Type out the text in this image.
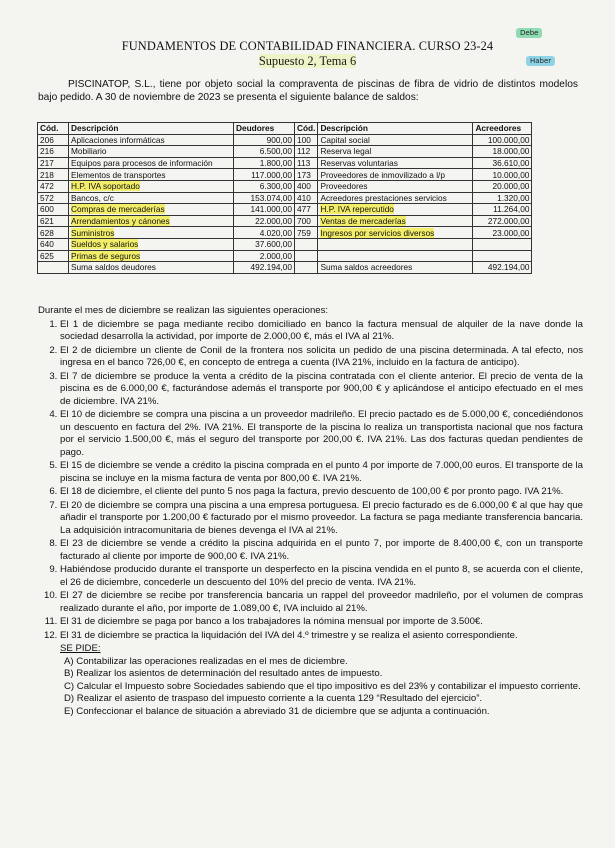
Debe
Haber
FUNDAMENTOS DE CONTABILIDAD FINANCIERA. CURSO 23-24
Supuesto 2, Tema 6

PISCINATOP, S.L., tiene por objeto social la compraventa de piscinas de fibra de vidrio de distintos modelos bajo pedido. A 30 de noviembre de 2023 se presenta el siguiente balance de saldos:

Cód.	Descripción	Deudores	Cód.	Descripción	Acreedores
206	Aplicaciones informáticas	900,00	100	Capital social	100.000,00
216	Mobiliario	6.500,00	112	Reserva legal	18.000,00
217	Equipos para procesos de información	1.800,00	113	Reservas voluntarias	36.610,00
218	Elementos de transportes	117.000,00	173	Proveedores de inmovilizado a l/p	10.000,00
472	H.P. IVA soportado	6.300,00	400	Proveedores	20.000,00
572	Bancos, c/c	153.074,00	410	Acreedores prestaciones servicios	1.320,00
600	Compras de mercaderías	141.000,00	477	H.P. IVA repercutido	11.264,00
621	Arrendamientos y cánones	22.000,00	700	Ventas de mercaderías	272.000,00
628	Suministros	4.020,00	759	Ingresos por servicios diversos	23.000,00
640	Sueldos y salarios	37.600,00			
625	Primas de seguros	2.000,00			
	Suma saldos deudores	492.194,00		Suma saldos acreedores	492.194,00

Durante el mes de diciembre se realizan las siguientes operaciones:

1. El 1 de diciembre se paga mediante recibo domiciliado en banco la factura mensual de alquiler de la nave donde la sociedad desarrolla la actividad, por importe de 2.000,00 €, más el IVA al 21%.
2. El 2 de diciembre un cliente de Conil de la frontera nos solicita un pedido de una piscina determinada. A tal efecto, nos ingresa en el banco 726,00 €, en concepto de entrega a cuenta (IVA 21%, incluido en la factura de anticipo).
3. El 7 de diciembre se produce la venta a crédito de la piscina contratada con el cliente anterior. El precio de venta de la piscina es de 6.000,00 €, facturándose además el transporte por 900,00 € y aplicándose el anticipo efectuado en el mes de diciembre. IVA 21%.
4. El 10 de diciembre se compra una piscina a un proveedor madrileño. El precio pactado es de 5.000,00 €, concediéndonos un descuento en factura del 2%. IVA 21%. El transporte de la piscina lo realiza un transportista nacional que nos factura por el servicio 1.500,00 €, más el seguro del transporte por 200,00 €. IVA 21%. Las dos facturas quedan pendientes de pago.
5. El 15 de diciembre se vende a crédito la piscina comprada en el punto 4 por importe de 7.000,00 euros. El transporte de la piscina se incluye en la misma factura de venta por 800,00 €. IVA 21%.
6. El 18 de diciembre, el cliente del punto 5 nos paga la factura, previo descuento de 100,00 € por pronto pago. IVA 21%.
7. El 20 de diciembre se compra una piscina a una empresa portuguesa. El precio facturado es de 6.000,00 € al que hay que añadir el transporte por 1.200,00 € facturado por el mismo proveedor. La factura se paga mediante transferencia bancaria. La adquisición intracomunitaria de bienes devenga el IVA al 21%.
8. El 23 de diciembre se vende a crédito la piscina adquirida en el punto 7, por importe de 8.400,00 €, con un transporte facturado al cliente por importe de 900,00 €. IVA 21%.
9. Habiéndose producido durante el transporte un desperfecto en la piscina vendida en el punto 8, se acuerda con el cliente, el 26 de diciembre, concederle un descuento del 10% del precio de venta. IVA 21%.
10. El 27 de diciembre se recibe por transferencia bancaria un rappel del proveedor madrileño, por el volumen de compras realizado durante el año, por importe de 1.089,00 €, IVA incluido al 21%.
11. El 31 de diciembre se paga por banco a los trabajadores la nómina mensual por importe de 3.500€.
12. El 31 de diciembre se practica la liquidación del IVA del 4.º trimestre y se realiza el asiento correspondiente.
SE PIDE:
A) Contabilizar las operaciones realizadas en el mes de diciembre.
B) Realizar los asientos de determinación del resultado antes de impuesto.
C) Calcular el Impuesto sobre Sociedades sabiendo que el tipo impositivo es del 23% y contabilizar el impuesto corriente.
D) Realizar el asiento de traspaso del impuesto corriente a la cuenta 129 “Resultado del ejercicio”.
E) Confeccionar el balance de situación a abreviado 31 de diciembre que se adjunta a continuación.
